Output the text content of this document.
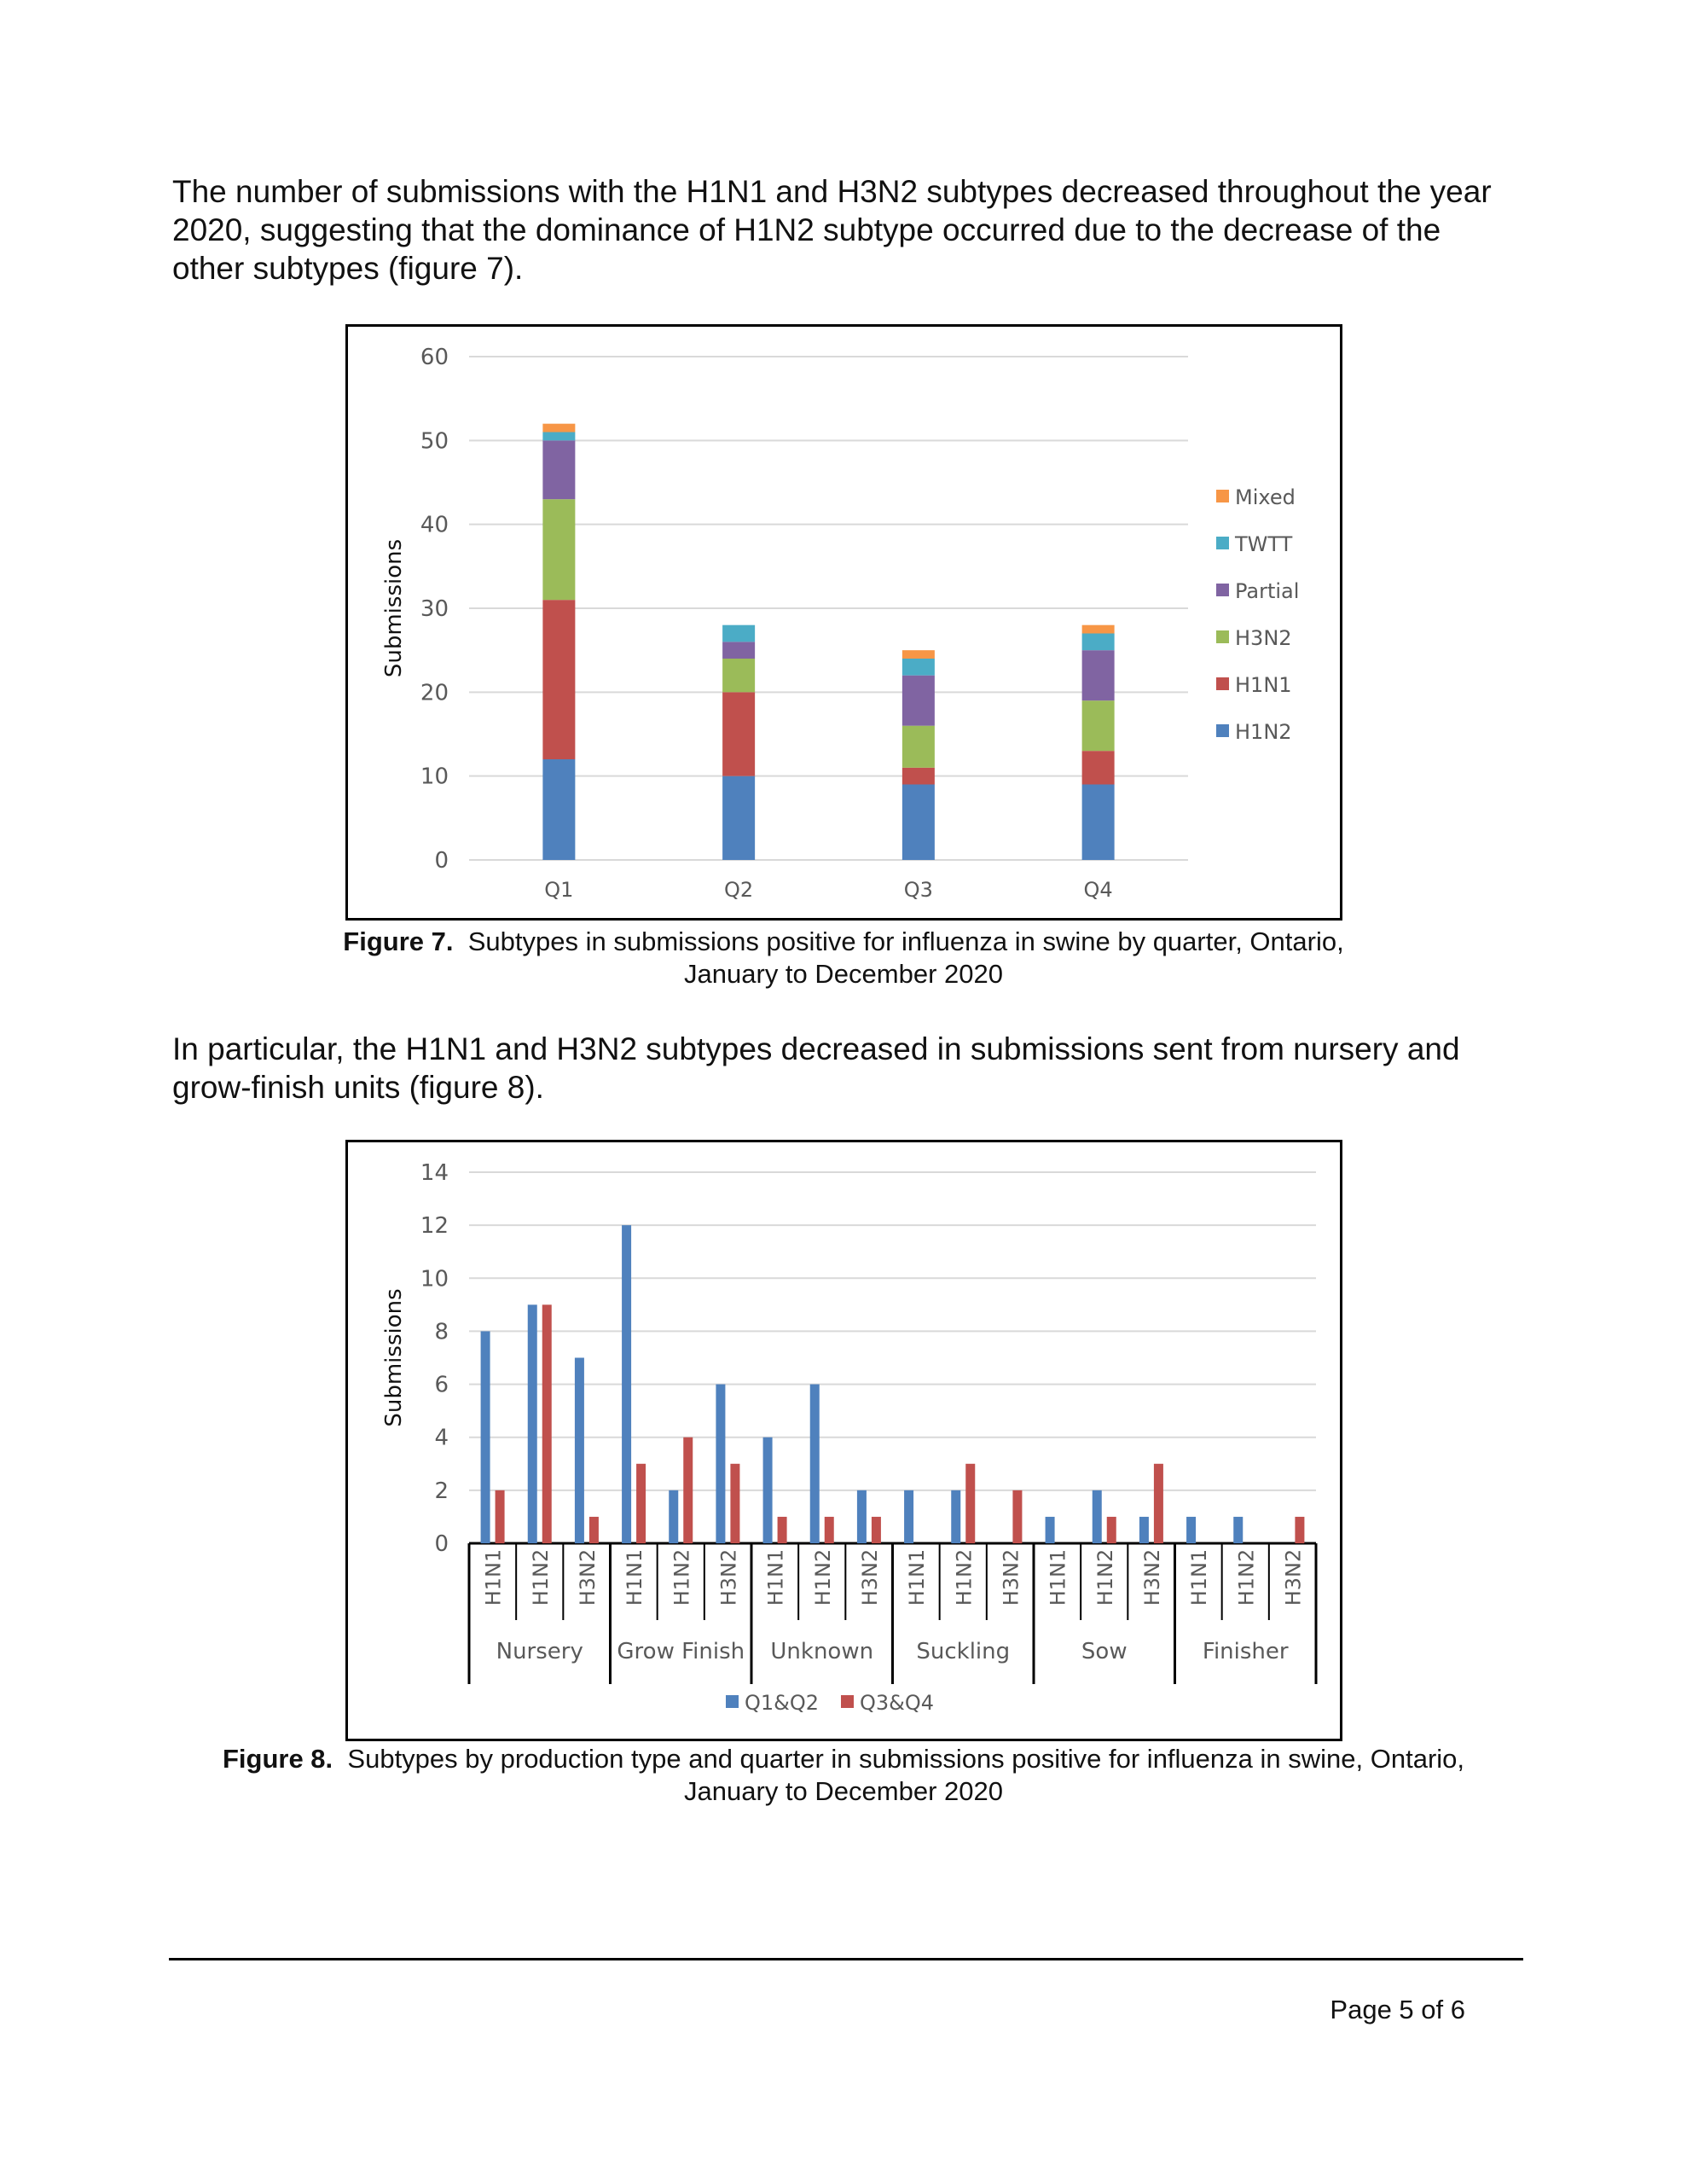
The number of submissions with the H1N1 and H3N2 subtypes decreased throughout the year 2020, suggesting that the dominance of H1N2 subtype occurred due to the decrease of the other subtypes (figure 7).

0
10
20
30
40
50
60
Submissions
Q1	Q2	Q3	Q4
Mixed
TWTT
Partial
H3N2
H1N1
H1N2

Figure 7. Subtypes in submissions positive for influenza in swine by quarter, Ontario,
January to December 2020

In particular, the H1N1 and H3N2 subtypes decreased in submissions sent from nursery and grow-finish units (figure 8).

0
2
4
6
8
10
12
14
Submissions
H1N1 H1N2 H3N2 H1N1 H1N2 H3N2 H1N1 H1N2 H3N2 H1N1 H1N2 H3N2 H1N1 H1N2 H3N2 H1N1 H1N2 H3N2
Nursery Grow Finish Unknown Suckling	Sow	Finisher
Q1&Q2 Q3&Q4

Figure 8. Subtypes by production type and quarter in submissions positive for influenza in swine, Ontario,
January to December 2020

Page 5 of 6
